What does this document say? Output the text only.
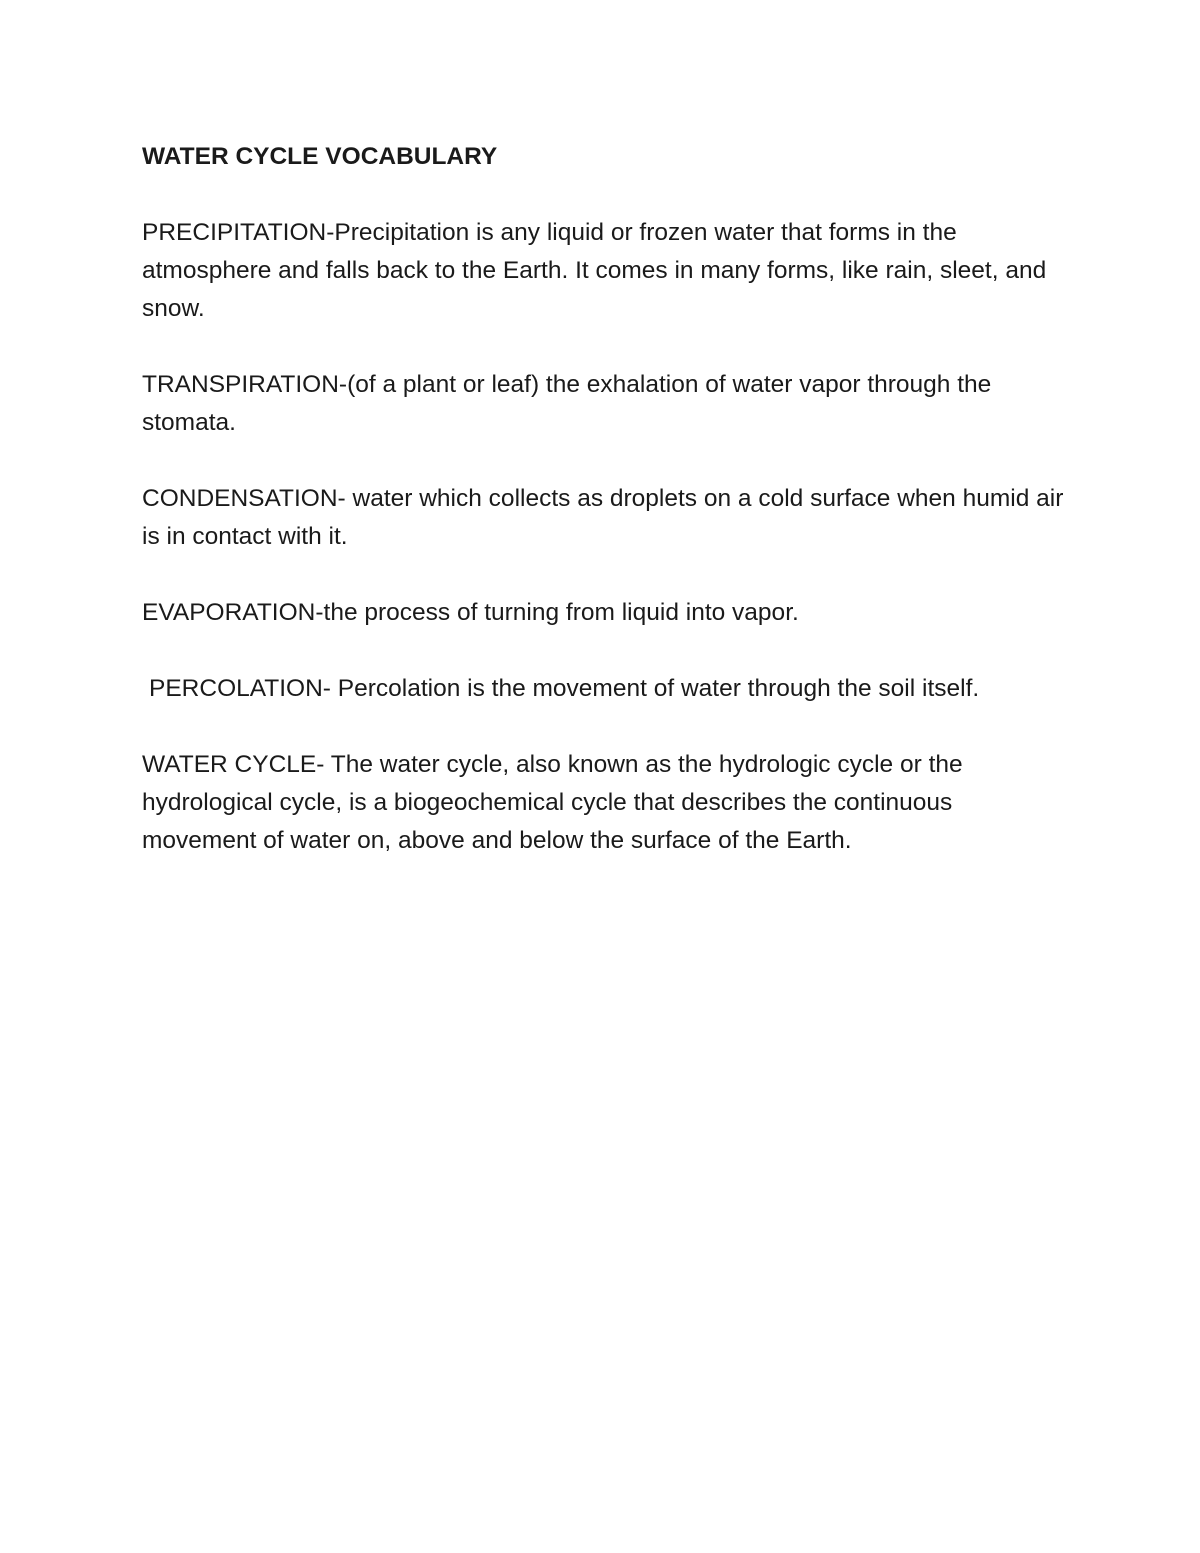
WATER CYCLE VOCABULARY
PRECIPITATION-Precipitation is any liquid or frozen water that forms in the atmosphere and falls back to the Earth. It comes in many forms, like rain, sleet, and snow.
TRANSPIRATION-(of a plant or leaf) the exhalation of water vapor through the stomata.
CONDENSATION- water which collects as droplets on a cold surface when humid air is in contact with it.
EVAPORATION-the process of turning from liquid into vapor.
PERCOLATION- Percolation is the movement of water through the soil itself.
WATER CYCLE- The water cycle, also known as the hydrologic cycle or the hydrological cycle, is a biogeochemical cycle that describes the continuous movement of water on, above and below the surface of the Earth.
